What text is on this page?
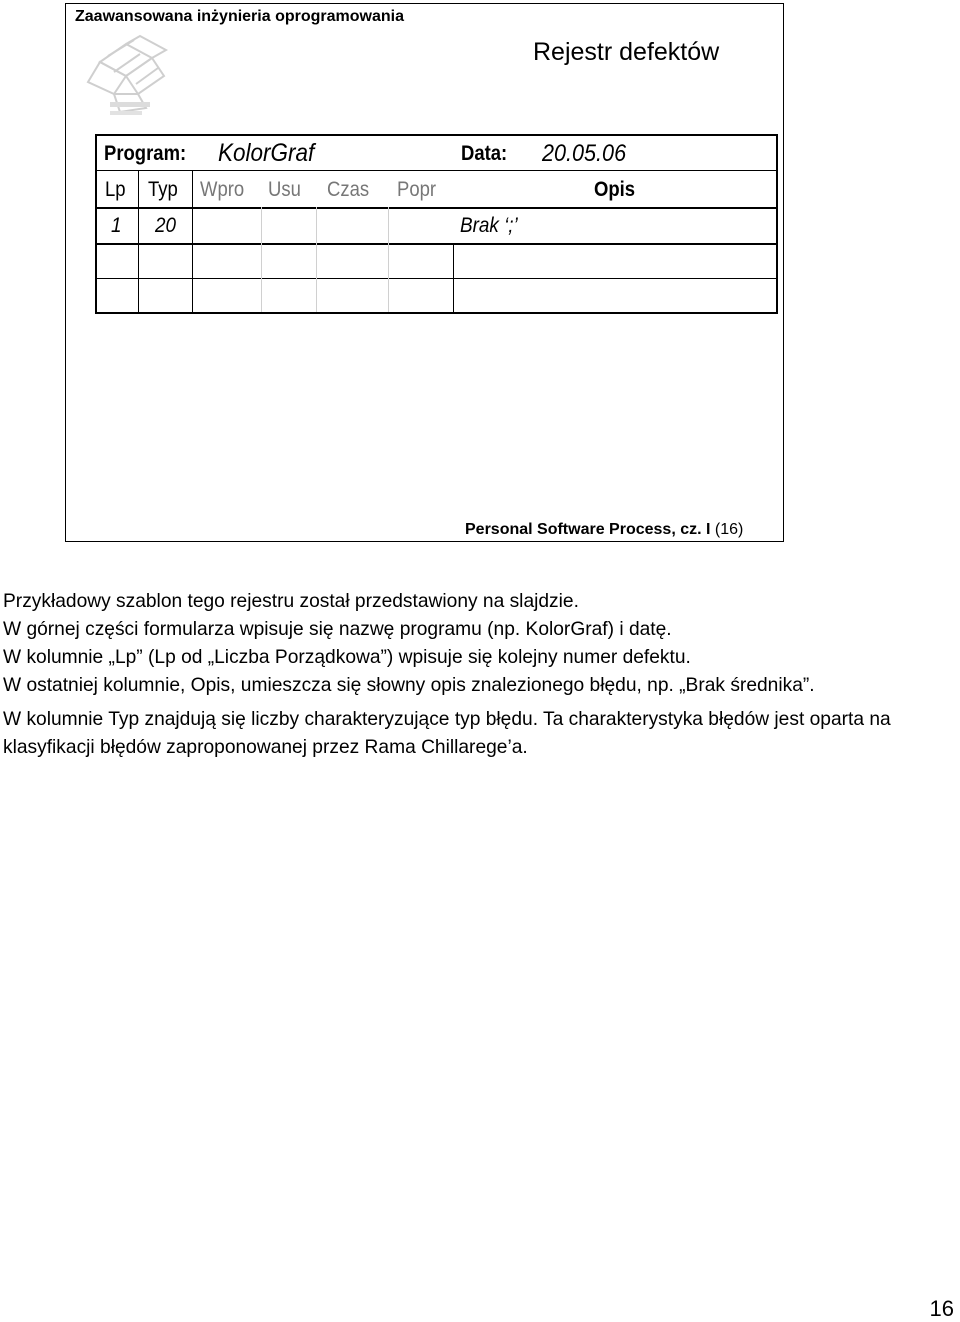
Zaawansowana inżynieria oprogramowania
Rejestr defektów
Program: KolorGraf	Data: 20.05.06
Lp Typ Wpro Usu Czas Popr	Opis
1 20	Brak ‘;’
Personal Software Process, cz. I (16)

Przykładowy szablon tego rejestru został przedstawiony na slajdzie.

W górnej części formularza wpisuje się nazwę programu (np. KolorGraf) i datę.

W kolumnie „Lp” (Lp od „Liczba Porządkowa”) wpisuje się kolejny numer defektu.

W ostatniej kolumnie, Opis, umieszcza się słowny opis znalezionego błędu, np. „Brak średnika”.

W kolumnie Typ znajdują się liczby charakteryzujące typ błędu. Ta charakterystyka błędów jest oparta na klasyfikacji błędów zaproponowanej przez Rama Chillarege’a.

16
